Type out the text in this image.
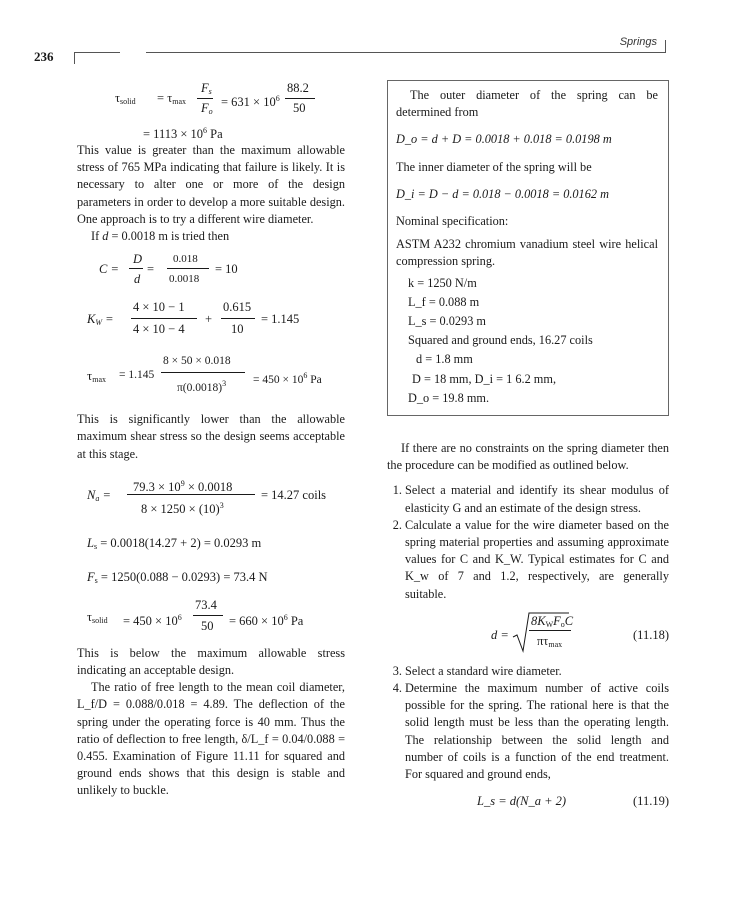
236
Springs
$\tau_{solid} = \tau_{max}$
$F_s$
$F_o$
= $631 \times 10^6$
88.2
50
= $1113 \times 10^6$ Pa

This value is greater than the maximum allowable stress of 765 MPa indicating that failure is likely. It is necessary to alter one or more of the design parameters in order to develop a more suitable design. One approach is to try a different wire diameter.

If d = 0.0018 m is tried then

C =
D
d
=
0.018
0.0018
= 10
$K_W$ =
4 × 10 − 1
4 × 10 − 4
+
0.615
10
= 1.145
$\tau_{max} = 1.145$
8 × 50 × 0.018
$\pi(0.0018)^3 = 450 \times 10^6$ Pa

This is significantly lower than the allowable maximum shear stress so the design seems acceptable at this stage.

$N_a$ =
$79.3 \times 10^9 \times 0.0018$
$8 \times 1250 \times (10)^3$
= 14.27 coils
$L_s = 0.0018(14.27 + 2) = 0.0293$ m
$F_s = 1250(0.088 - 0.0293) = 73.4$ N
$\tau_{solid} = 450 \times 10^6$
73.4
$50 = 660 \times 10^6$ Pa

This is below the maximum allowable stress indicating an acceptable design.

The ratio of free length to the mean coil diameter, L_f/D = 0.088/0.018 = 4.89. The deflection of the spring under the operating force is 40 mm. Thus the ratio of deflection to free length, δ/L_f = 0.04/0.088 = 0.455. Examination of Figure 11.11 for squared and ground ends shows that this design is stable and unlikely to buckle.

The outer diameter of the spring can be determined from

D_o = d + D = 0.0018 + 0.018 = 0.0198 m

The inner diameter of the spring will be

D_i = D − d = 0.018 − 0.0018 = 0.0162 m

Nominal specification:

ASTM A232 chromium vanadium steel wire helical compression spring.

k = 1250 N/m
L_f = 0.088 m
L_s = 0.0293 m
Squared and ground ends, 16.27 coils
d = 1.8 mm
D = 18 mm, D_i = 1 6.2 mm,
D_o = 19.8 mm.

If there are no constraints on the spring diameter then the procedure can be modified as outlined below.

1. Select a material and identify its shear modulus of elasticity G and an estimate of the design stress.
2. Calculate a value for the wire diameter based on the spring material properties and assuming approximate values for C and K_W. Typical estimates for C and K_w of 7 and 1.2, respectively, are generally suitable.
d =
$8K_WF_oC$
$\pi\tau_{max}$
(11.18)
3. Select a standard wire diameter.
4. Determine the maximum number of active coils possible for the spring. The rational here is that the solid length must be less than the operating length. The relationship between the solid length and number of coils is a function of the end treatment. For squared and ground ends,
L_s = d(N_a + 2)	(11.19)
